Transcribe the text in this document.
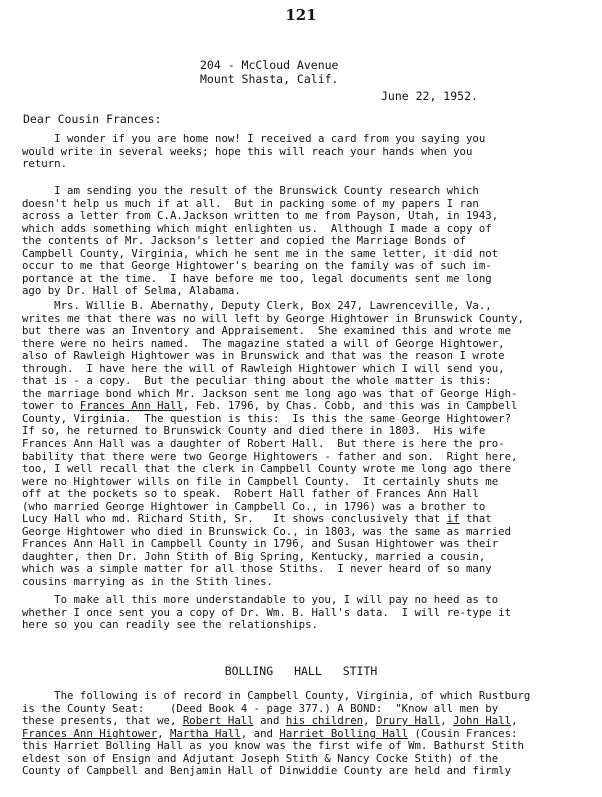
121
204 - McCloud Avenue
Mount Shasta, Calif.
June 22, 1952.
Dear Cousin Frances:
I wonder if you are home now! I received a card from you saying you
would write in several weeks; hope this will reach your hands when you
return.
I am sending you the result of the Brunswick County research which
doesn't help us much if at all.  But in packing some of my papers I ran
across a letter from C.A.Jackson written to me from Payson, Utah, in 1943,
which adds something which might enlighten us.  Although I made a copy of
the contents of Mr. Jackson's letter and copied the Marriage Bonds of
Campbell County, Virginia, which he sent me in the same letter, it did not
occur to me that George Hightower's bearing on the family was of such im-
portance at the time.  I have before me too, legal documents sent me long
ago by Dr. Hall of Selma, Alabama.
Mrs. Willie B. Abernathy, Deputy Clerk, Box 247, Lawrenceville, Va.,
writes me that there was no will left by George Hightower in Brunswick County,
but there was an Inventory and Appraisement.  She examined this and wrote me
there were no heirs named.  The magazine stated a will of George Hightower,
also of Rawleigh Hightower was in Brunswick and that was the reason I wrote
through.  I have here the will of Rawleigh Hightower which I will send you,
that is - a copy.  But the peculiar thing about the whole matter is this:
the marriage bond which Mr. Jackson sent me long ago was that of George High-
tower to Frances Ann Hall, Feb. 1796, by Chas. Cobb, and this was in Campbell
County, Virginia.  The question is this:  Is this the same George Hightower?
If so, he returned to Brunswick County and died there in 1803.  His wife
Frances Ann Hall was a daughter of Robert Hall.  But there is here the pro-
bability that there were two George Hightowers - father and son.  Right here,
too, I well recall that the clerk in Campbell County wrote me long ago there
were no Hightower wills on file in Campbell County.  It certainly shuts me
off at the pockets so to speak.  Robert Hall father of Frances Ann Hall
(who married George Hightower in Campbell Co., in 1796) was a brother to
Lucy Hall who md. Richard Stith, Sr.   It shows conclusively that if that
George Hightower who died in Brunswick Co., in 1803, was the same as married
Frances Ann Hall in Campbell County in 1796, and Susan Hightower was their
daughter, then Dr. John Stith of Big Spring, Kentucky, married a cousin,
which was a simple matter for all those Stiths.  I never heard of so many
cousins marrying as in the Stith lines.
To make all this more understandable to you, I will pay no heed as to
whether I once sent you a copy of Dr. Wm. B. Hall's data.  I will re-type it
here so you can readily see the relationships.
BOLLING HALL STITH
The following is of record in Campbell County, Virginia, of which Rustburg
is the County Seat:    (Deed Book 4 - page 377.) A BOND:  "Know all men by
these presents, that we, Robert Hall and his children, Drury Hall, John Hall,
Frances Ann Hightower, Martha Hall, and Harriet Bolling Hall (Cousin Frances:
this Harriet Bolling Hall as you know was the first wife of Wm. Bathurst Stith
eldest son of Ensign and Adjutant Joseph Stith & Nancy Cocke Stith) of the
County of Campbell and Benjamin Hall of Dinwiddie County are held and firmly
